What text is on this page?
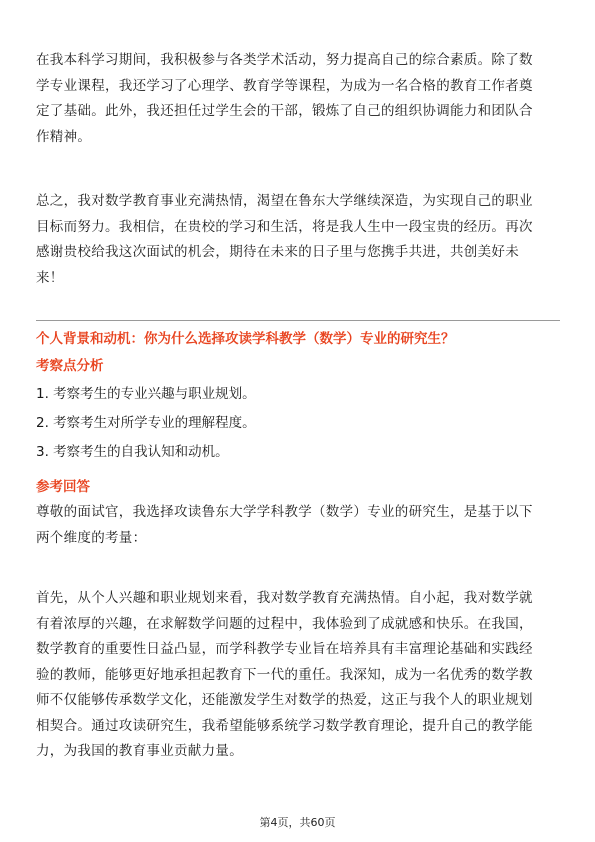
在我本科学习期间，我积极参与各类学术活动，努力提高自己的综合素质。除了数
学专业课程，我还学习了心理学、教育学等课程，为成为一名合格的教育工作者奠
定了基础。此外，我还担任过学生会的干部，锻炼了自己的组织协调能力和团队合
作精神。

总之，我对数学教育事业充满热情，渴望在鲁东大学继续深造，为实现自己的职业
目标而努力。我相信，在贵校的学习和生活，将是我人生中一段宝贵的经历。再次
感谢贵校给我这次面试的机会，期待在未来的日子里与您携手共进，共创美好未
来！

个人背景和动机：你为什么选择攻读学科教学（数学）专业的研究生？

考察点分析

1. 考察考生的专业兴趣与职业规划。

2. 考察考生对所学专业的理解程度。

3. 考察考生的自我认知和动机。

参考回答

尊敬的面试官，我选择攻读鲁东大学学科教学（数学）专业的研究生，是基于以下
两个维度的考量：

首先，从个人兴趣和职业规划来看，我对数学教育充满热情。自小起，我对数学就
有着浓厚的兴趣，在求解数学问题的过程中，我体验到了成就感和快乐。在我国，
数学教育的重要性日益凸显，而学科教学专业旨在培养具有丰富理论基础和实践经
验的教师，能够更好地承担起教育下一代的重任。我深知，成为一名优秀的数学教
师不仅能够传承数学文化，还能激发学生对数学的热爱，这正与我个人的职业规划
相契合。通过攻读研究生，我希望能够系统学习数学教育理论，提升自己的教学能
力，为我国的教育事业贡献力量。

第4页，共60页
